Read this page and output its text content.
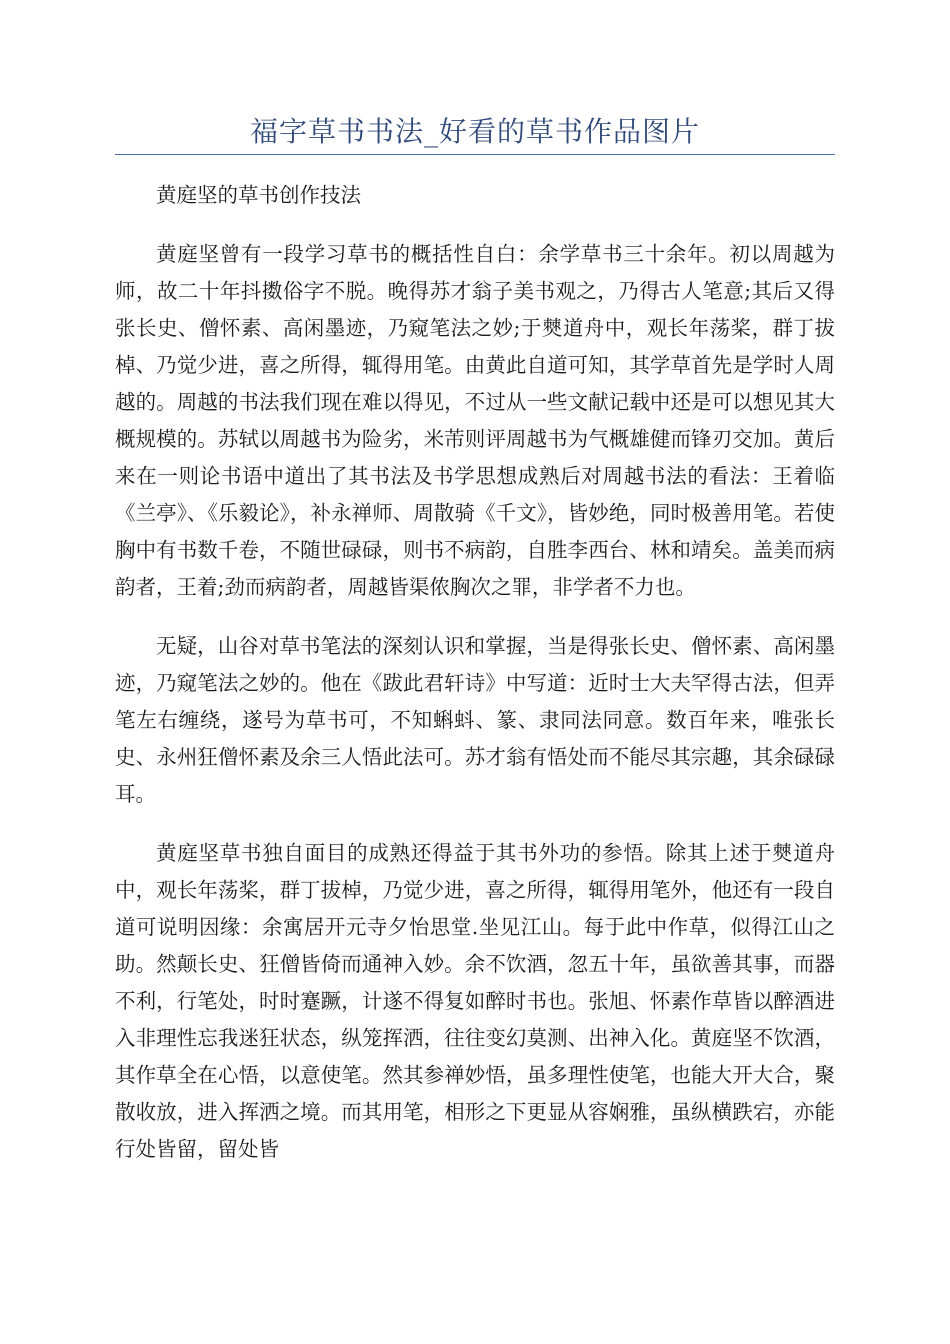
福字草书书法_好看的草书作品图片

黄庭坚的草书创作技法

黄庭坚曾有一段学习草书的概括性自白：余学草书三十余年。初以周越为师，故二十年抖擞俗字不脱。晚得苏才翁子美书观之，乃得古人笔意;其后又得张长史、僧怀素、高闲墨迹，乃窥笔法之妙;于僰道舟中，观长年荡桨，群丁拔棹、乃觉少进，喜之所得，辄得用笔。由黄此自道可知，其学草首先是学时人周越的。周越的书法我们现在难以得见，不过从一些文献记载中还是可以想见其大概规模的。苏轼以周越书为险劣，米芾则评周越书为气概雄健而锋刃交加。黄后来在一则论书语中道出了其书法及书学思想成熟后对周越书法的看法：王着临《兰亭》、《乐毅论》，补永禅师、周散骑《千文》，皆妙绝，同时极善用笔。若使胸中有书数千卷，不随世碌碌，则书不病韵，自胜李西台、林和靖矣。盖美而病韵者，王着;劲而病韵者，周越皆渠侬胸次之罪，非学者不力也。

无疑，山谷对草书笔法的深刻认识和掌握，当是得张长史、僧怀素、高闲墨迹，乃窥笔法之妙的。他在《跋此君轩诗》中写道：近时士大夫罕得古法，但弄笔左右缠绕，遂号为草书可，不知蝌蚪、篆、隶同法同意。数百年来，唯张长史、永州狂僧怀素及余三人悟此法可。苏才翁有悟处而不能尽其宗趣，其余碌碌耳。

黄庭坚草书独自面目的成熟还得益于其书外功的参悟。除其上述于僰道舟中，观长年荡桨，群丁拔棹，乃觉少进，喜之所得，辄得用笔外，他还有一段自道可说明因缘：余寓居开元寺夕怡思堂.坐见江山。每于此中作草，似得江山之助。然颠长史、狂僧皆倚而通神入妙。余不饮酒，忽五十年，虽欲善其事，而器不利，行笔处，时时蹇蹶，计遂不得复如醉时书也。张旭、怀素作草皆以醉酒进入非理性忘我迷狂状态，纵笼挥洒，往往变幻莫测、出神入化。黄庭坚不饮酒，其作草全在心悟，以意使笔。然其参禅妙悟，虽多理性使笔，也能大开大合，聚散收放，进入挥洒之境。而其用笔，相形之下更显从容娴雅，虽纵横跌宕，亦能行处皆留，留处皆
